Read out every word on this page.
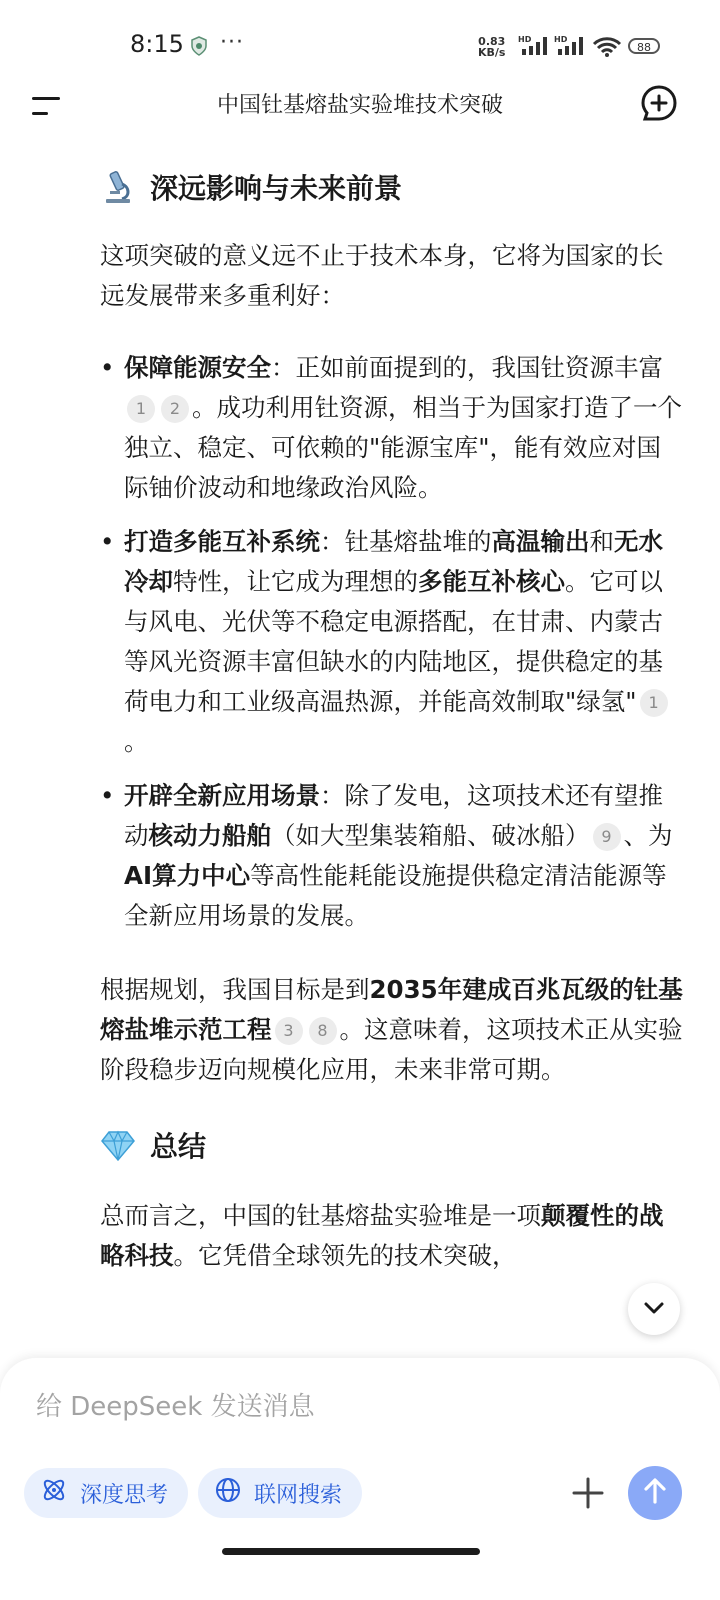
8:15 ···	0.83
KB/s
HD	HD
88
中国钍基熔盐实验堆技术突破
深远影响与未来前景

这项突破的意义远不止于技术本身，它将为国家的长远发展带来多重利好：

• 保障能源安全：正如前面提到的，我国钍资源丰富1 2 。成功利用钍资源，相当于为国家打造了一个独立、稳定、可依赖的"能源宝库"，能有效应对国际铀价波动和地缘政治风险。
• 打造多能互补系统：钍基熔盐堆的高温输出和无水冷却特性，让它成为理想的多能互补核心。它可以与风电、光伏等不稳定电源搭配，在甘肃、内蒙古等风光资源丰富但缺水的内陆地区，提供稳定的基荷电力和工业级高温热源，并能高效制取"绿氢" 1。
• 开辟全新应用场景：除了发电，这项技术还有望推动核动力船舶（如大型集装箱船、破冰船） 9 、为AI算力中心等高性能耗能设施提供稳定清洁能源等全新应用场景的发展。

根据规划，我国目标是到2035年建成百兆瓦级的钍基熔盐堆示范工程 3 8 。这意味着，这项技术正从实验阶段稳步迈向规模化应用，未来非常可期。

总结

总而言之，中国的钍基熔盐实验堆是一项颠覆性的战略科技。它凭借全球领先的技术突破，

给 DeepSeek 发送消息
深度思考	联网搜索
